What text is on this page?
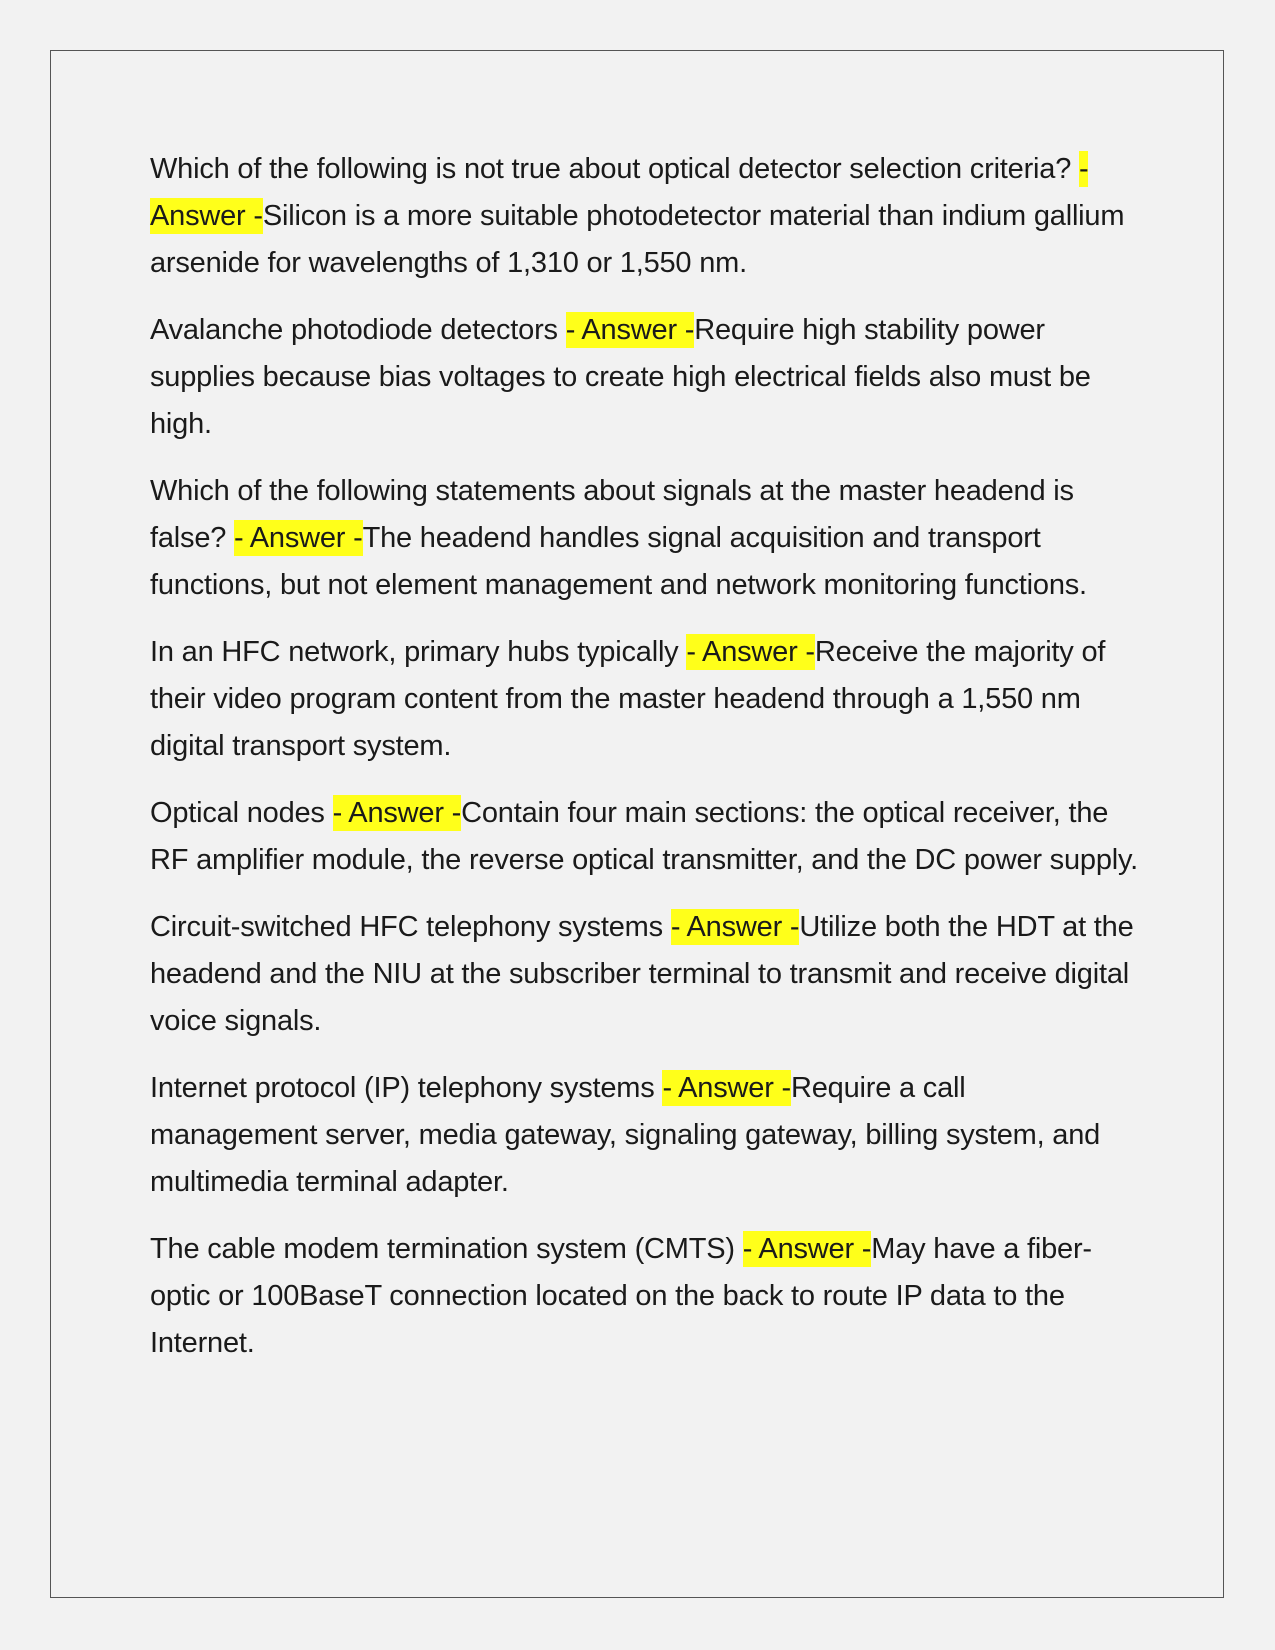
Which of the following is not true about optical detector selection criteria? - Answer -Silicon is a more suitable photodetector material than indium gallium arsenide for wavelengths of 1,310 or 1,550 nm.

Avalanche photodiode detectors - Answer -Require high stability power supplies because bias voltages to create high electrical fields also must be high.

Which of the following statements about signals at the master headend is false? - Answer -The headend handles signal acquisition and transport functions, but not element management and network monitoring functions.

In an HFC network, primary hubs typically - Answer -Receive the majority of their video program content from the master headend through a 1,550 nm digital transport system.

Optical nodes - Answer -Contain four main sections: the optical receiver, the RF amplifier module, the reverse optical transmitter, and the DC power supply.

Circuit-switched HFC telephony systems - Answer -Utilize both the HDT at the headend and the NIU at the subscriber terminal to transmit and receive digital voice signals.

Internet protocol (IP) telephony systems - Answer -Require a call management server, media gateway, signaling gateway, billing system, and multimedia terminal adapter.

The cable modem termination system (CMTS) - Answer -May have a fiber-optic or 100BaseT connection located on the back to route IP data to the Internet.
